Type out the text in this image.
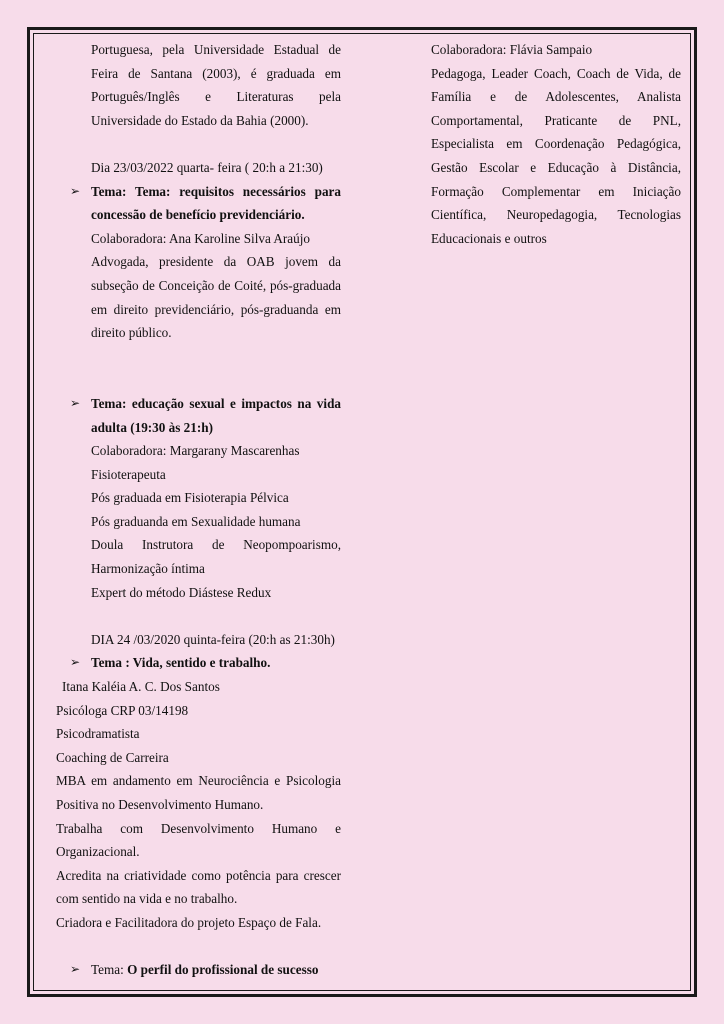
Portuguesa, pela Universidade Estadual de Feira de Santana (2003), é graduada em Português/Inglês e Literaturas pela Universidade do Estado da Bahia (2000).
Dia 23/03/2022 quarta- feira ( 20:h a 21:30)
➢ Tema: Tema: requisitos necessários para concessão de benefício previdenciário.
Colaboradora: Ana Karoline Silva Araújo
Advogada, presidente da OAB jovem da subseção de Conceição de Coité, pós-graduada em direito previdenciário, pós-graduanda em direito público.
➢ Tema: educação sexual e impactos na vida adulta (19:30 às 21:h)
Colaboradora: Margarany Mascarenhas
Fisioterapeuta
Pós graduada em Fisioterapia Pélvica
Pós graduanda em Sexualidade humana
Doula Instrutora de Neopompoarismo, Harmonização íntima
Expert do método Diástese Redux
DIA 24 /03/2020 quinta-feira (20:h as 21:30h)
➢ Tema : Vida, sentido e trabalho.
Itana Kaléia A. C. Dos Santos
Psicóloga CRP 03/14198
Psicodramatista
Coaching de Carreira
MBA em andamento em Neurociência e Psicologia Positiva no Desenvolvimento Humano.
Trabalha com Desenvolvimento Humano e Organizacional.
Acredita na criatividade como potência para crescer com sentido na vida e no trabalho.
Criadora e Facilitadora do projeto Espaço de Fala.
➢ Tema: O perfil do profissional de sucesso
Colaboradora: Flávia Sampaio
Pedagoga, Leader Coach, Coach de Vida, de Família e de Adolescentes, Analista Comportamental, Praticante de PNL, Especialista em Coordenação Pedagógica, Gestão Escolar e Educação à Distância, Formação Complementar em Iniciação Científica, Neuropedagogia, Tecnologias Educacionais e outros
